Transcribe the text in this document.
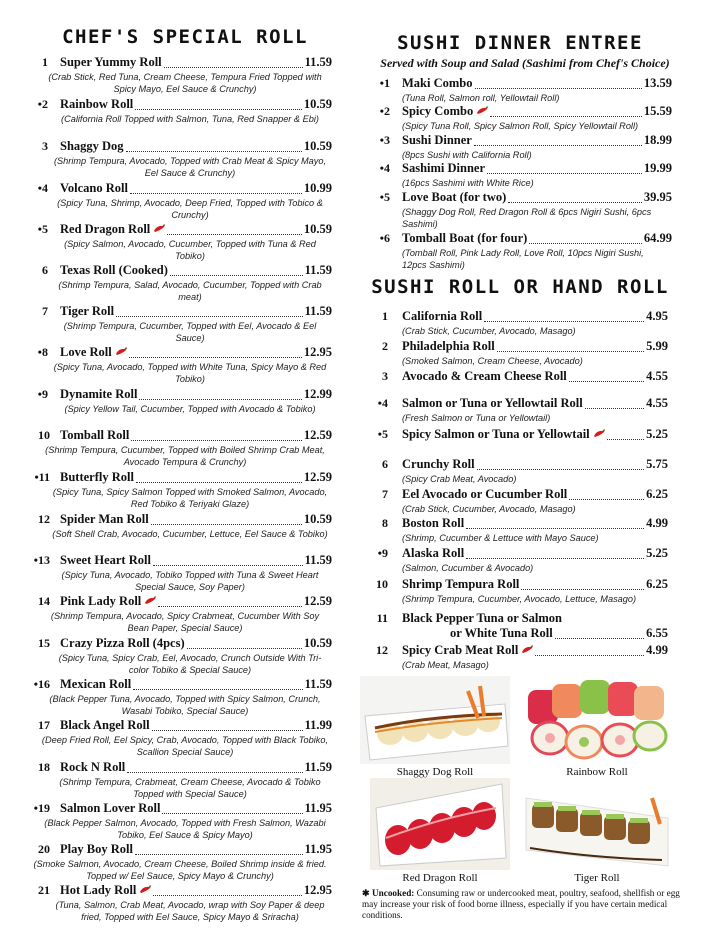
CHEF'S SPECIAL ROLL
1 Super Yummy Roll	11.59
(Crab Stick, Red Tuna, Cream Cheese, Tempura Fried Topped with Spicy Mayo, Eel Sauce & Crunchy)
•2 Rainbow Roll	10.59
(California Roll Topped with Salmon, Tuna, Red Snapper & Ebi)
3 Shaggy Dog	10.59
(Shrimp Tempura, Avocado, Topped with Crab Meat & Spicy Mayo, Eel Sauce & Crunchy)
•4 Volcano Roll	10.99
(Spicy Tuna, Shrimp, Avocado, Deep Fried, Topped with Tobico & Crunchy)
•5 Red Dragon Roll	10.59
(Spicy Salmon, Avocado, Cucumber, Topped with Tuna & Red Tobiko)
6 Texas Roll (Cooked)	11.59
(Shrimp Tempura, Salad, Avocado, Cucumber, Topped with Crab meat)
7 Tiger Roll	11.59
(Shrimp Tempura, Cucumber, Topped with Eel, Avocado & Eel Sauce)
•8 Love Roll	12.95
(Spicy Tuna, Avocado, Topped with White Tuna, Spicy Mayo & Red Tobiko)
•9 Dynamite Roll	12.99
(Spicy Yellow Tail, Cucumber, Topped with Avocado & Tobiko)
10 Tomball Roll	12.59
(Shrimp Tempura, Cucumber, Topped with Boiled Shrimp Crab Meat, Avocado Tempura & Crunchy)
•11 Butterfly Roll	12.59
(Spicy Tuna, Spicy Salmon Topped with Smoked Salmon, Avocado, Red Tobiko & Teriyaki Glaze)
12 Spider Man Roll	10.59
(Soft Shell Crab, Avocado, Cucumber, Lettuce, Eel Sauce & Tobiko)
•13 Sweet Heart Roll	11.59
(Spicy Tuna, Avocado, Tobiko Topped with Tuna & Sweet Heart Special Sauce, Soy Paper)
14 Pink Lady Roll	12.59
(Shrimp Tempura, Avocado, Spicy Crabmeat, Cucumber With Soy Bean Paper, Special Sauce)
15 Crazy Pizza Roll (4pcs)	10.59
(Spicy Tuna, Spicy Crab, Eel, Avocado, Crunch Outside With Tri-color Tobiko & Special Sauce)
•16 Mexican Roll	11.59
(Black Pepper Tuna, Avocado, Topped with Spicy Salmon, Crunch, Wasabi Tobiko, Special Sauce)
17 Black Angel Roll	11.99
(Deep Fried Roll, Eel Spicy, Crab, Avocado, Topped with Black Tobiko, Scallion Special Sauce)
18 Rock N Roll	11.59
(Shrimp Tempura, Crabmeat, Cream Cheese, Avocado & Tobiko Topped with Special Sauce)
•19 Salmon Lover Roll	11.95
(Black Pepper Salmon, Avocado, Topped with Fresh Salmon, Wazabi Tobiko, Eel Sauce & Spicy Mayo)
20 Play Boy Roll	11.95
(Smoke Salmon, Avocado, Cream Cheese, Boiled Shrimp inside & fried. Topped w/ Eel Sauce, Spicy Mayo & Crunchy)
21 Hot Lady Roll	12.95
(Tuna, Salmon, Crab Meat, Avocado, wrap with Soy Paper & deep fried, Topped with Eel Sauce, Spicy Mayo & Sriracha)
SUSHI DINNER ENTREE
Served with Soup and Salad (Sashimi from Chef's Choice)
•1 Maki Combo	13.59
(Tuna Roll, Salmon roll, Yellowtail Roll)
•2 Spicy Combo	15.59
(Spicy Tuna Roll, Spicy Salmon Roll, Spicy Yellowtail Roll)
•3 Sushi Dinner	18.99
(8pcs Sushi with California Roll)
•4 Sashimi Dinner	19.99
(16pcs Sashimi with White Rice)
•5 Love Boat (for two)	39.95
(Shaggy Dog Roll, Red Dragon Roll & 6pcs Nigiri Sushi, 6pcs Sashimi)
•6 Tomball Boat (for four)	64.99
(Tomball Roll, Pink Lady Roll, Love Roll, 10pcs Nigiri Sushi, 12pcs Sashimi)
SUSHI ROLL OR HAND ROLL
1 California Roll	4.95
(Crab Stick, Cucumber, Avocado, Masago)
2 Philadelphia Roll	5.99
(Smoked Salmon, Cream Cheese, Avocado)
3 Avocado & Cream Cheese Roll	4.55
•4 Salmon or Tuna or Yellowtail Roll	4.55
(Fresh Salmon or Tuna or Yellowtail)
•5 Spicy Salmon or Tuna or Yellowtail	5.25
6 Crunchy Roll	5.75
(Spicy Crab Meat, Avocado)
7 Eel Avocado or Cucumber Roll	6.25
(Crab Stick, Cucumber, Avocado, Masago)
8 Boston Roll	4.99
(Shrimp, Cucumber & Lettuce with Mayo Sauce)
•9 Alaska Roll	5.25
(Salmon, Cucumber & Avocado)
10 Shrimp Tempura Roll	6.25
(Shrimp Tempura, Cucumber, Avocado, Lettuce, Masago)
11 Black Pepper Tuna or Salmon
or White Tuna Roll	6.55
12 Spicy Crab Meat Roll	4.99
(Crab Meat, Masago)
Shaggy Dog Roll	Rainbow Roll
Red Dragon Roll	Tiger Roll
✱ Uncooked: Consuming raw or undercooked meat, poultry, seafood, shellfish or egg may increase your risk of food borne illness, especially if you have certain medical conditions.
